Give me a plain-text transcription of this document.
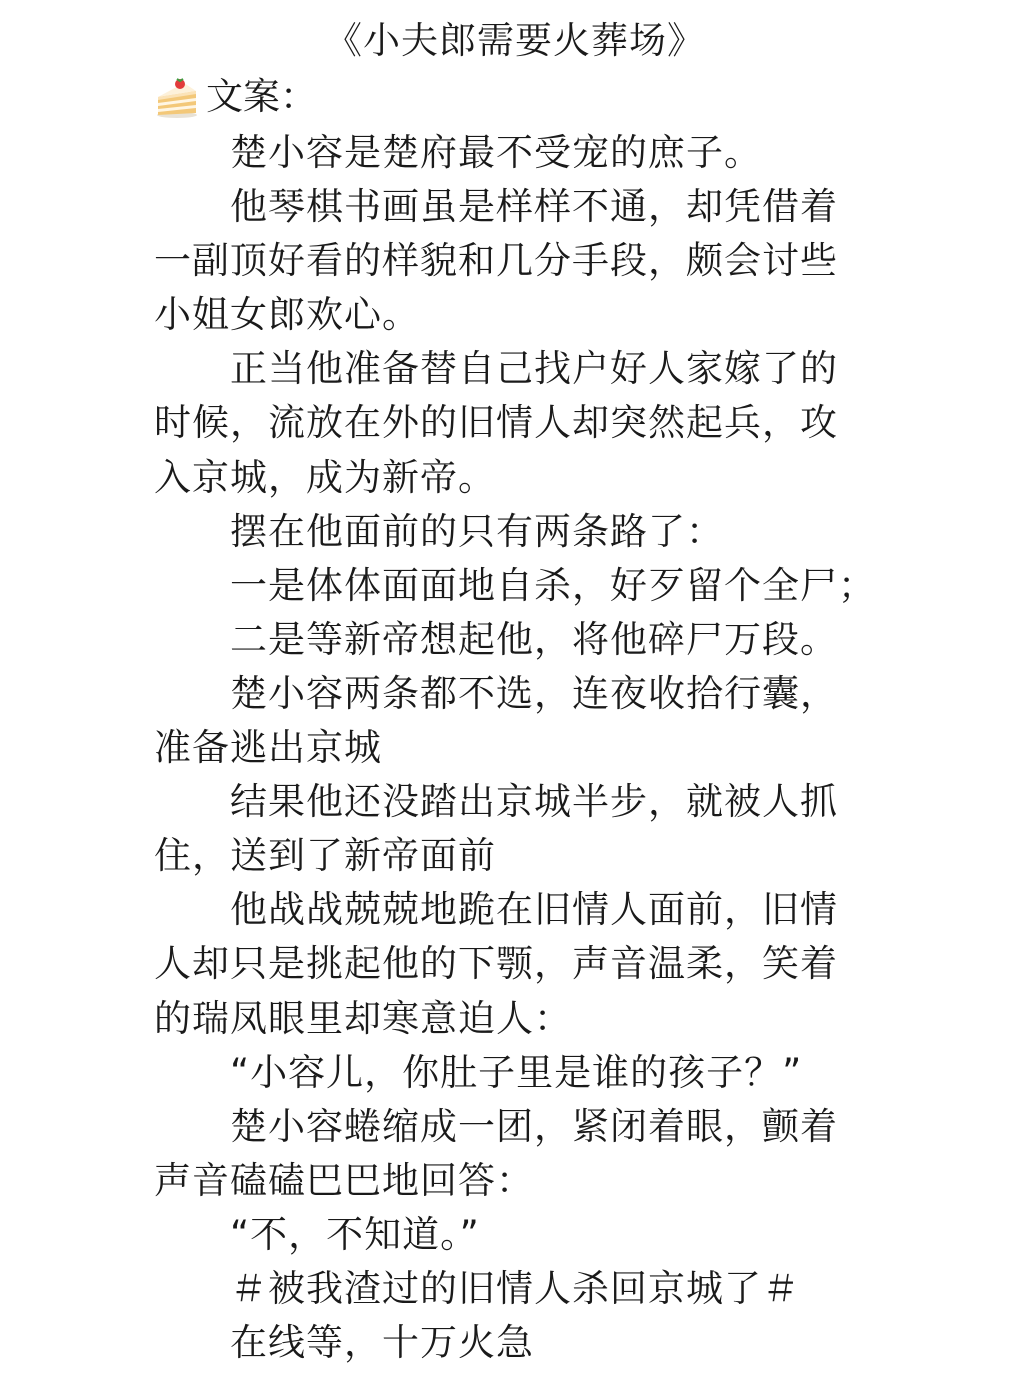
《小夫郎需要火葬场》
文案：
楚小容是楚府最不受宠的庶子。
他琴棋书画虽是样样不通，却凭借着
一副顶好看的样貌和几分手段，颇会讨些
小姐女郎欢心。
正当他准备替自己找户好人家嫁了的
时候，流放在外的旧情人却突然起兵，攻
入京城，成为新帝。
摆在他面前的只有两条路了：
一是体体面面地自杀，好歹留个全尸；
二是等新帝想起他，将他碎尸万段。
楚小容两条都不选，连夜收拾行囊，
准备逃出京城
结果他还没踏出京城半步，就被人抓
住，送到了新帝面前
他战战兢兢地跪在旧情人面前，旧情
人却只是挑起他的下颚，声音温柔，笑着
的瑞凤眼里却寒意迫人：
“小容儿，你肚子里是谁的孩子？”
楚小容蜷缩成一团，紧闭着眼，颤着
声音磕磕巴巴地回答：
“不，不知道。”
＃被我渣过的旧情人杀回京城了＃
在线等，十万火急
